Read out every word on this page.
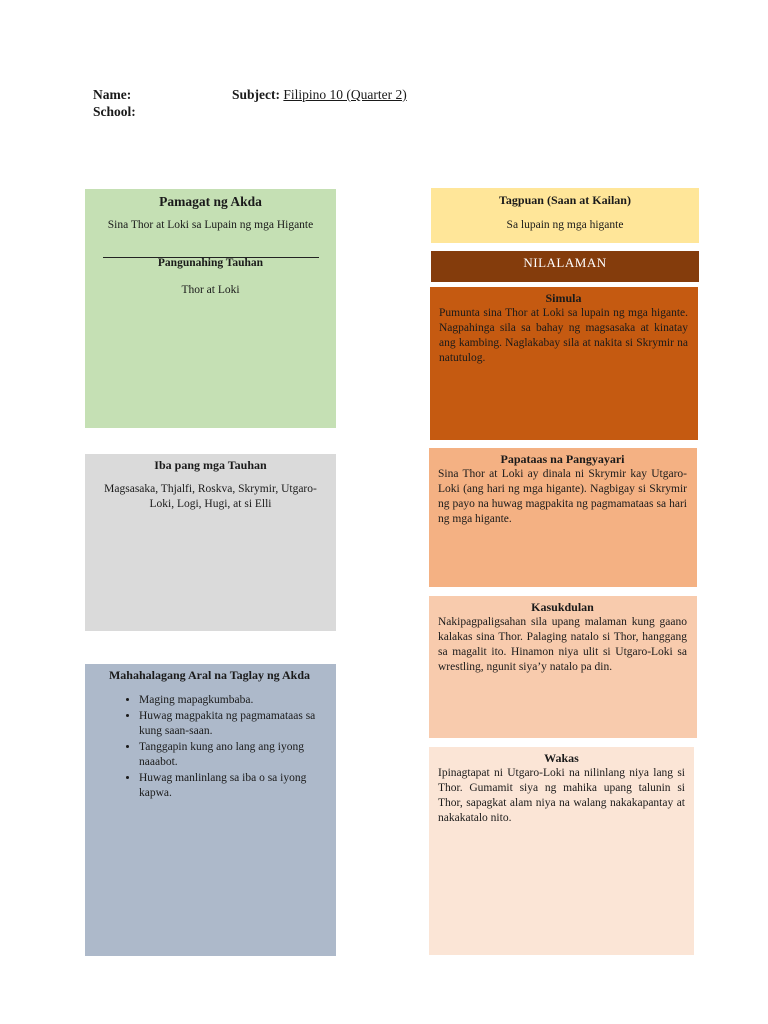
Name:
School:
Subject: Filipino 10 (Quarter 2)
Pamagat ng Akda
Sina Thor at Loki sa Lupain ng mga Higante
Pangunahing Tauhan
Thor at Loki
Iba pang mga Tauhan
Magsasaka, Thjalfi, Roskva, Skrymir, Utgaro-Loki, Logi, Hugi, at si Elli
Mahahalagang Aral na Taglay ng Akda
• Maging mapagkumbaba.
• Huwag magpakita ng pagmamataas sa kung saan-saan.
• Tanggapin kung ano lang ang iyong naaabot.
• Huwag manlinlang sa iba o sa iyong kapwa.
Tagpuan (Saan at Kailan)
Sa lupain ng mga higante
NILALAMAN
Simula
Pumunta sina Thor at Loki sa lupain ng mga higante. Nagpahinga sila sa bahay ng magsasaka at kinatay ang kambing. Naglakabay sila at nakita si Skrymir na natutulog.
Papataas na Pangyayari
Sina Thor at Loki ay dinala ni Skrymir kay Utgaro-Loki (ang hari ng mga higante). Nagbigay si Skrymir ng payo na huwag magpakita ng pagmamataas sa hari ng mga higante.
Kasukdulan
Nakipagpaligsahan sila upang malaman kung gaano kalakas sina Thor. Palaging natalo si Thor, hanggang sa magalit ito. Hinamon niya ulit si Utgaro-Loki sa wrestling, ngunit siya’y natalo pa din.
Wakas
Ipinagtapat ni Utgaro-Loki na nilinlang niya lang si Thor. Gumamit siya ng mahika upang talunin si Thor, sapagkat alam niya na walang nakakapantay at nakakatalo nito.
